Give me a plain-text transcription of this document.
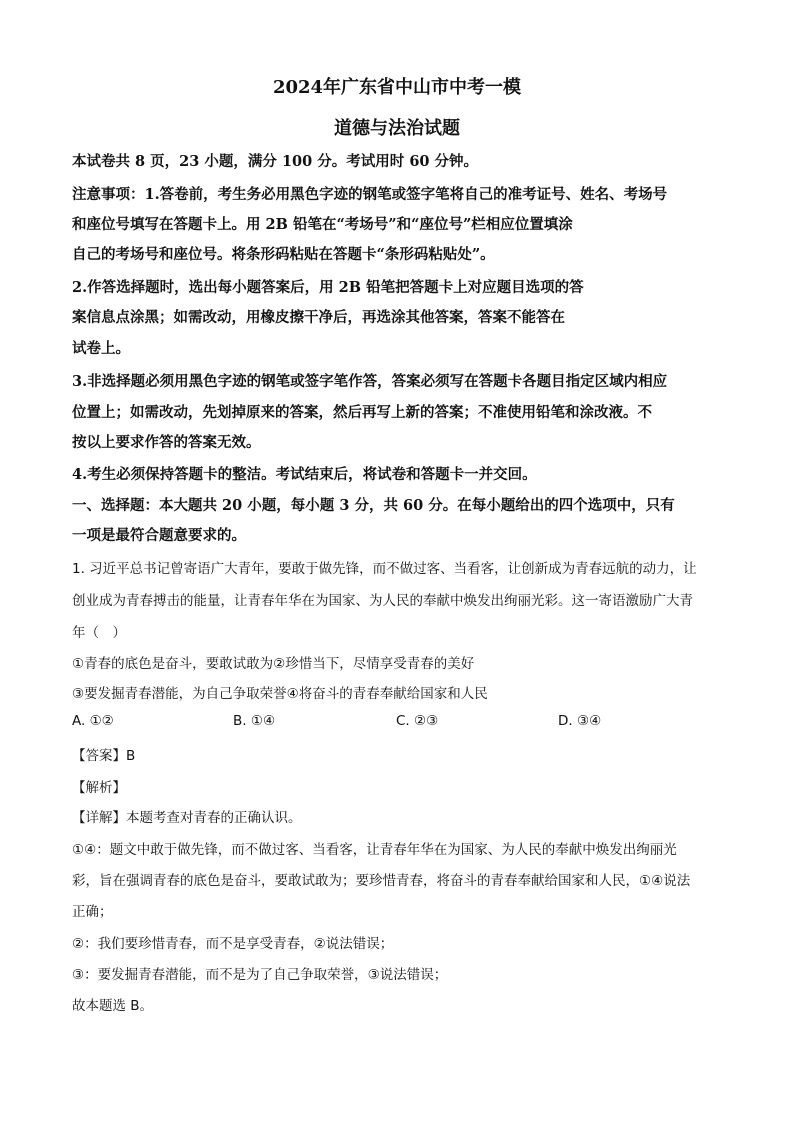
2024年广东省中山市中考一模
道德与法治试题
本试卷共 8 页，23 小题，满分 100 分。考试用时 60 分钟。
注意事项：1.答卷前，考生务必用黑色字迹的钢笔或签字笔将自己的准考证号、姓名、考场号
和座位号填写在答题卡上。用 2B 铅笔在“考场号”和“座位号”栏相应位置填涂
自己的考场号和座位号。将条形码粘贴在答题卡“条形码粘贴处”。
2.作答选择题时，选出每小题答案后，用 2B 铅笔把答题卡上对应题目选项的答
案信息点涂黑；如需改动，用橡皮擦干净后，再选涂其他答案，答案不能答在
试卷上。
3.非选择题必须用黑色字迹的钢笔或签字笔作答，答案必须写在答题卡各题目指定区域内相应
位置上；如需改动，先划掉原来的答案，然后再写上新的答案；不准使用铅笔和涂改液。不
按以上要求作答的答案无效。
4.考生必须保持答题卡的整洁。考试结束后，将试卷和答题卡一并交回。
一、选择题：本大题共 20 小题，每小题 3 分，共 60 分。在每小题给出的四个选项中，只有
一项是最符合题意要求的。
1. 习近平总书记曾寄语广大青年，要敢于做先锋，而不做过客、当看客，让创新成为青春远航的动力，让
创业成为青春搏击的能量，让青春年华在为国家、为人民的奉献中焕发出绚丽光彩。这一寄语激励广大青
年（　）
①青春的底色是奋斗，要敢试敢为②珍惜当下，尽情享受青春的美好
③要发掘青春潜能，为自己争取荣誉④将奋斗的青春奉献给国家和人民
A. ①②	B. ①④	C. ②③	D. ③④
【答案】B
【解析】
【详解】本题考查对青春的正确认识。
①④：题文中敢于做先锋，而不做过客、当看客，让青春年华在为国家、为人民的奉献中焕发出绚丽光
彩，旨在强调青春的底色是奋斗，要敢试敢为；要珍惜青春，将奋斗的青春奉献给国家和人民，①④说法
正确；
②：我们要珍惜青春，而不是享受青春，②说法错误；
③：要发掘青春潜能，而不是为了自己争取荣誉，③说法错误；
故本题选 B。
